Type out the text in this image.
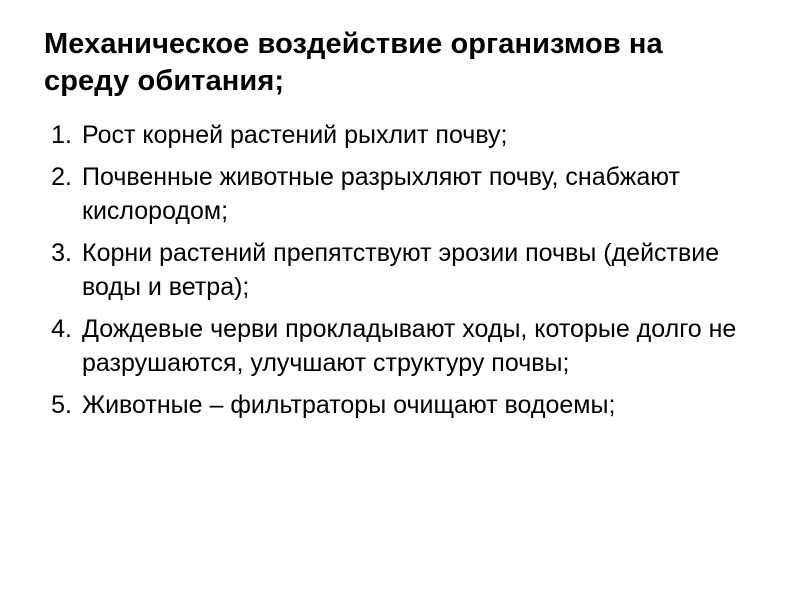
Механическое воздействие организмов на среду обитания;
1. Рост корней растений рыхлит почву;
2. Почвенные животные разрыхляют почву, снабжают кислородом;
3. Корни растений препятствуют эрозии почвы (действие воды и ветра);
4. Дождевые черви прокладывают ходы, которые долго не разрушаются, улучшают структуру почвы;
5. Животные – фильтраторы очищают водоемы;
